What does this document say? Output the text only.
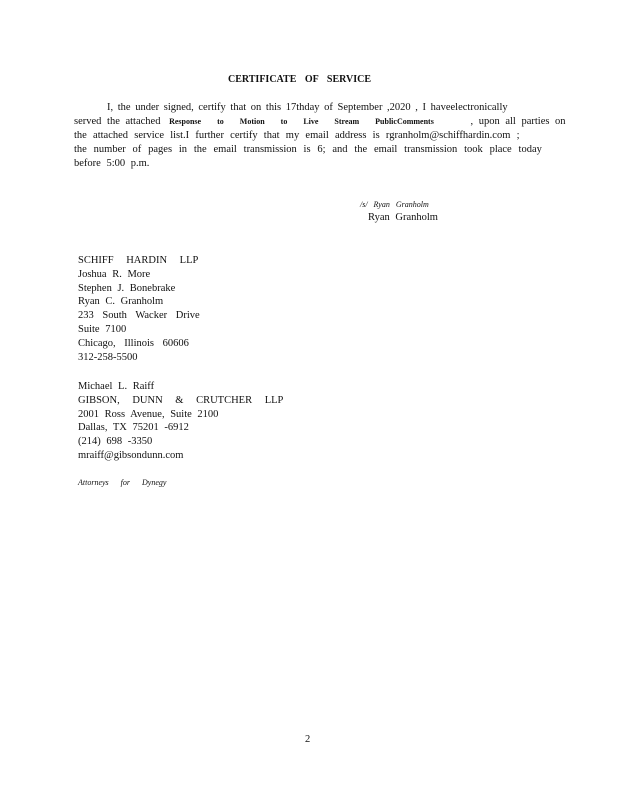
CERTIFICATE OF SERVICE
I, the under signed, certify that on this 17thday of September ,2020 , I haveelectronically
served the attached Response to Motion to Live Stream PublicComments	, upon all parties on
the attached service list.I further certify that my email address is rgranholm@schiffhardin.com ;
the number of pages in the email transmission is 6; and the email transmission took place today
before 5:00 p.m.
/s/ Ryan Granholm
Ryan Granholm
SCHIFF HARDIN LLP
Joshua R. More
Stephen J. Bonebrake
Ryan C. Granholm
233 South Wacker Drive
Suite 7100
Chicago, Illinois 60606
312-258-5500
Michael L. Raiff
GIBSON, DUNN & CRUTCHER LLP
2001 Ross Avenue, Suite 2100
Dallas, TX 75201 -6912
(214) 698 -3350
mraiff@gibsondunn.com
Attorneys for Dynegy
2
